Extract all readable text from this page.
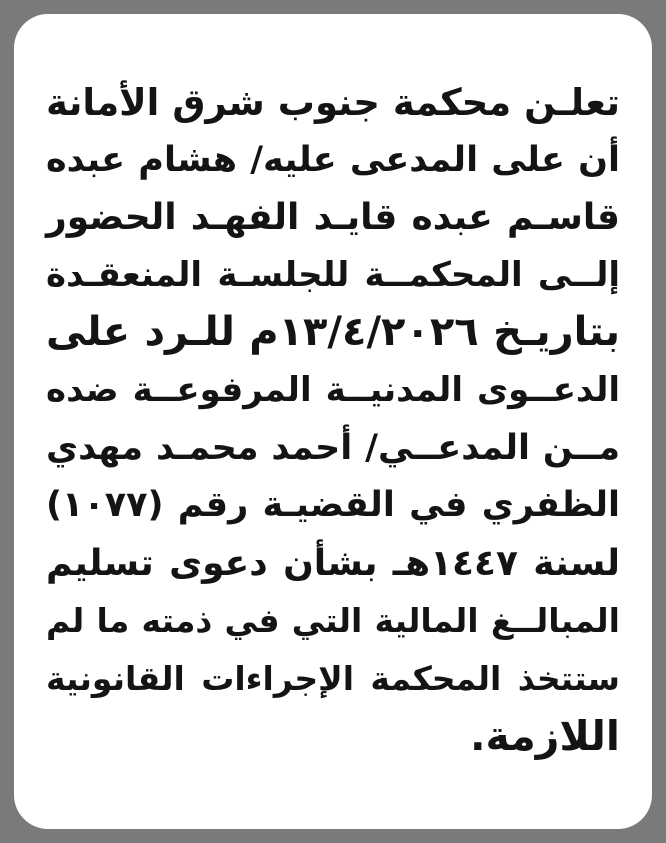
تعلـن محكمة جنوب شرق الأمانة
أن على المدعى عليه/ هشام عبده
قاسـم عبده قايـد الفهـد الحضور
إلــى المحكمــة للجلسـة المنعقـدة
بتاريـخ ١٣/٤/٢٠٢٦م للـرد على
الدعــوى المدنيــة المرفوعــة ضده
مــن المدعــي/ أحمد محمـد مهدي
الظفري في القضيـة رقم (١٠٧٧)
لسنة ١٤٤٧هـ بشأن دعوى تسليم
المبالــغ المالية التي في ذمته ما لم
ستتخذ المحكمة الإجراءات القانونية
اللازمة.
